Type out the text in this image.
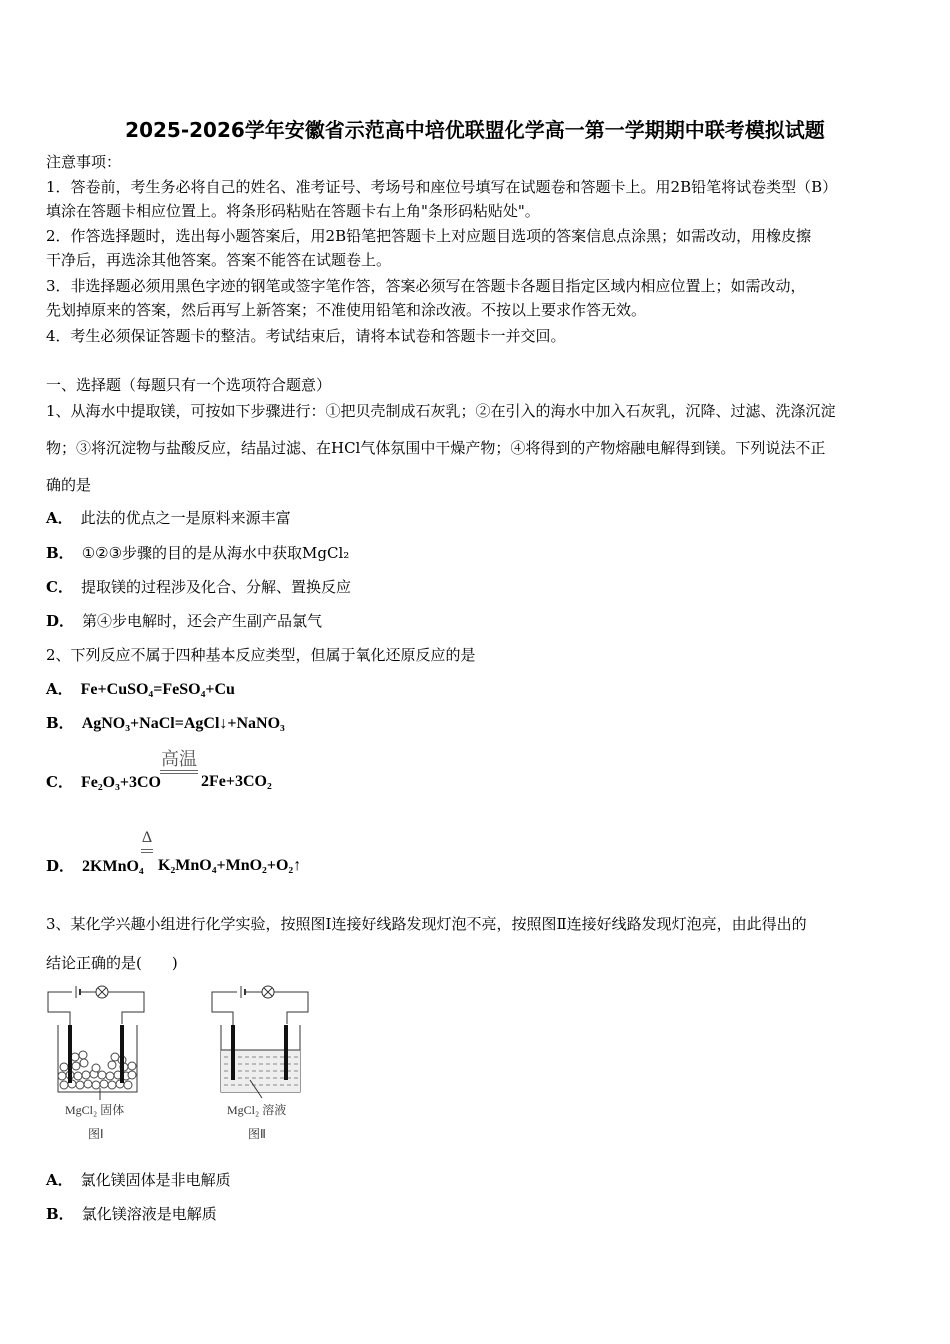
2025-2026学年安徽省示范高中培优联盟化学高一第一学期期中联考模拟试题
注意事项：
1．答卷前，考生务必将自己的姓名、准考证号、考场号和座位号填写在试题卷和答题卡上。用2B铅笔将试卷类型（B）
填涂在答题卡相应位置上。将条形码粘贴在答题卡右上角"条形码粘贴处"。
2．作答选择题时，选出每小题答案后，用2B铅笔把答题卡上对应题目选项的答案信息点涂黑；如需改动，用橡皮擦
干净后，再选涂其他答案。答案不能答在试题卷上。
3．非选择题必须用黑色字迹的钢笔或签字笔作答，答案必须写在答题卡各题目指定区域内相应位置上；如需改动，
先划掉原来的答案，然后再写上新答案；不准使用铅笔和涂改液。不按以上要求作答无效。
4．考生必须保证答题卡的整洁。考试结束后，请将本试卷和答题卡一并交回。
一、选择题（每题只有一个选项符合题意）
1、从海水中提取镁，可按如下步骤进行：①把贝壳制成石灰乳；②在引入的海水中加入石灰乳，沉降、过滤、洗涤沉淀
物；③将沉淀物与盐酸反应，结晶过滤、在HCl气体氛围中干燥产物；④将得到的产物熔融电解得到镁。下列说法不正
确的是
A． 此法的优点之一是原料来源丰富
B． ①②③步骤的目的是从海水中获取MgCl₂
C． 提取镁的过程涉及化合、分解、置换反应
D． 第④步电解时，还会产生副产品氯气
2、下列反应不属于四种基本反应类型，但属于氧化还原反应的是
A． Fe+CuSO₄=FeSO₄+Cu
B． AgNO₃+NaCl=AgCl↓+NaNO₃
C． Fe₂O₃+3CO
高温
2Fe+3CO₂
D． 2KMnO₄
Δ
K₂MnO₄+MnO₂+O₂↑
3、某化学兴趣小组进行化学实验，按照图Ⅰ连接好线路发现灯泡不亮，按照图Ⅱ连接好线路发现灯泡亮，由此得出的
结论正确的是(　　)
MgCl₂ 固体
图Ⅰ
MgCl₂ 溶液
图Ⅱ
A． 氯化镁固体是非电解质
B． 氯化镁溶液是电解质
